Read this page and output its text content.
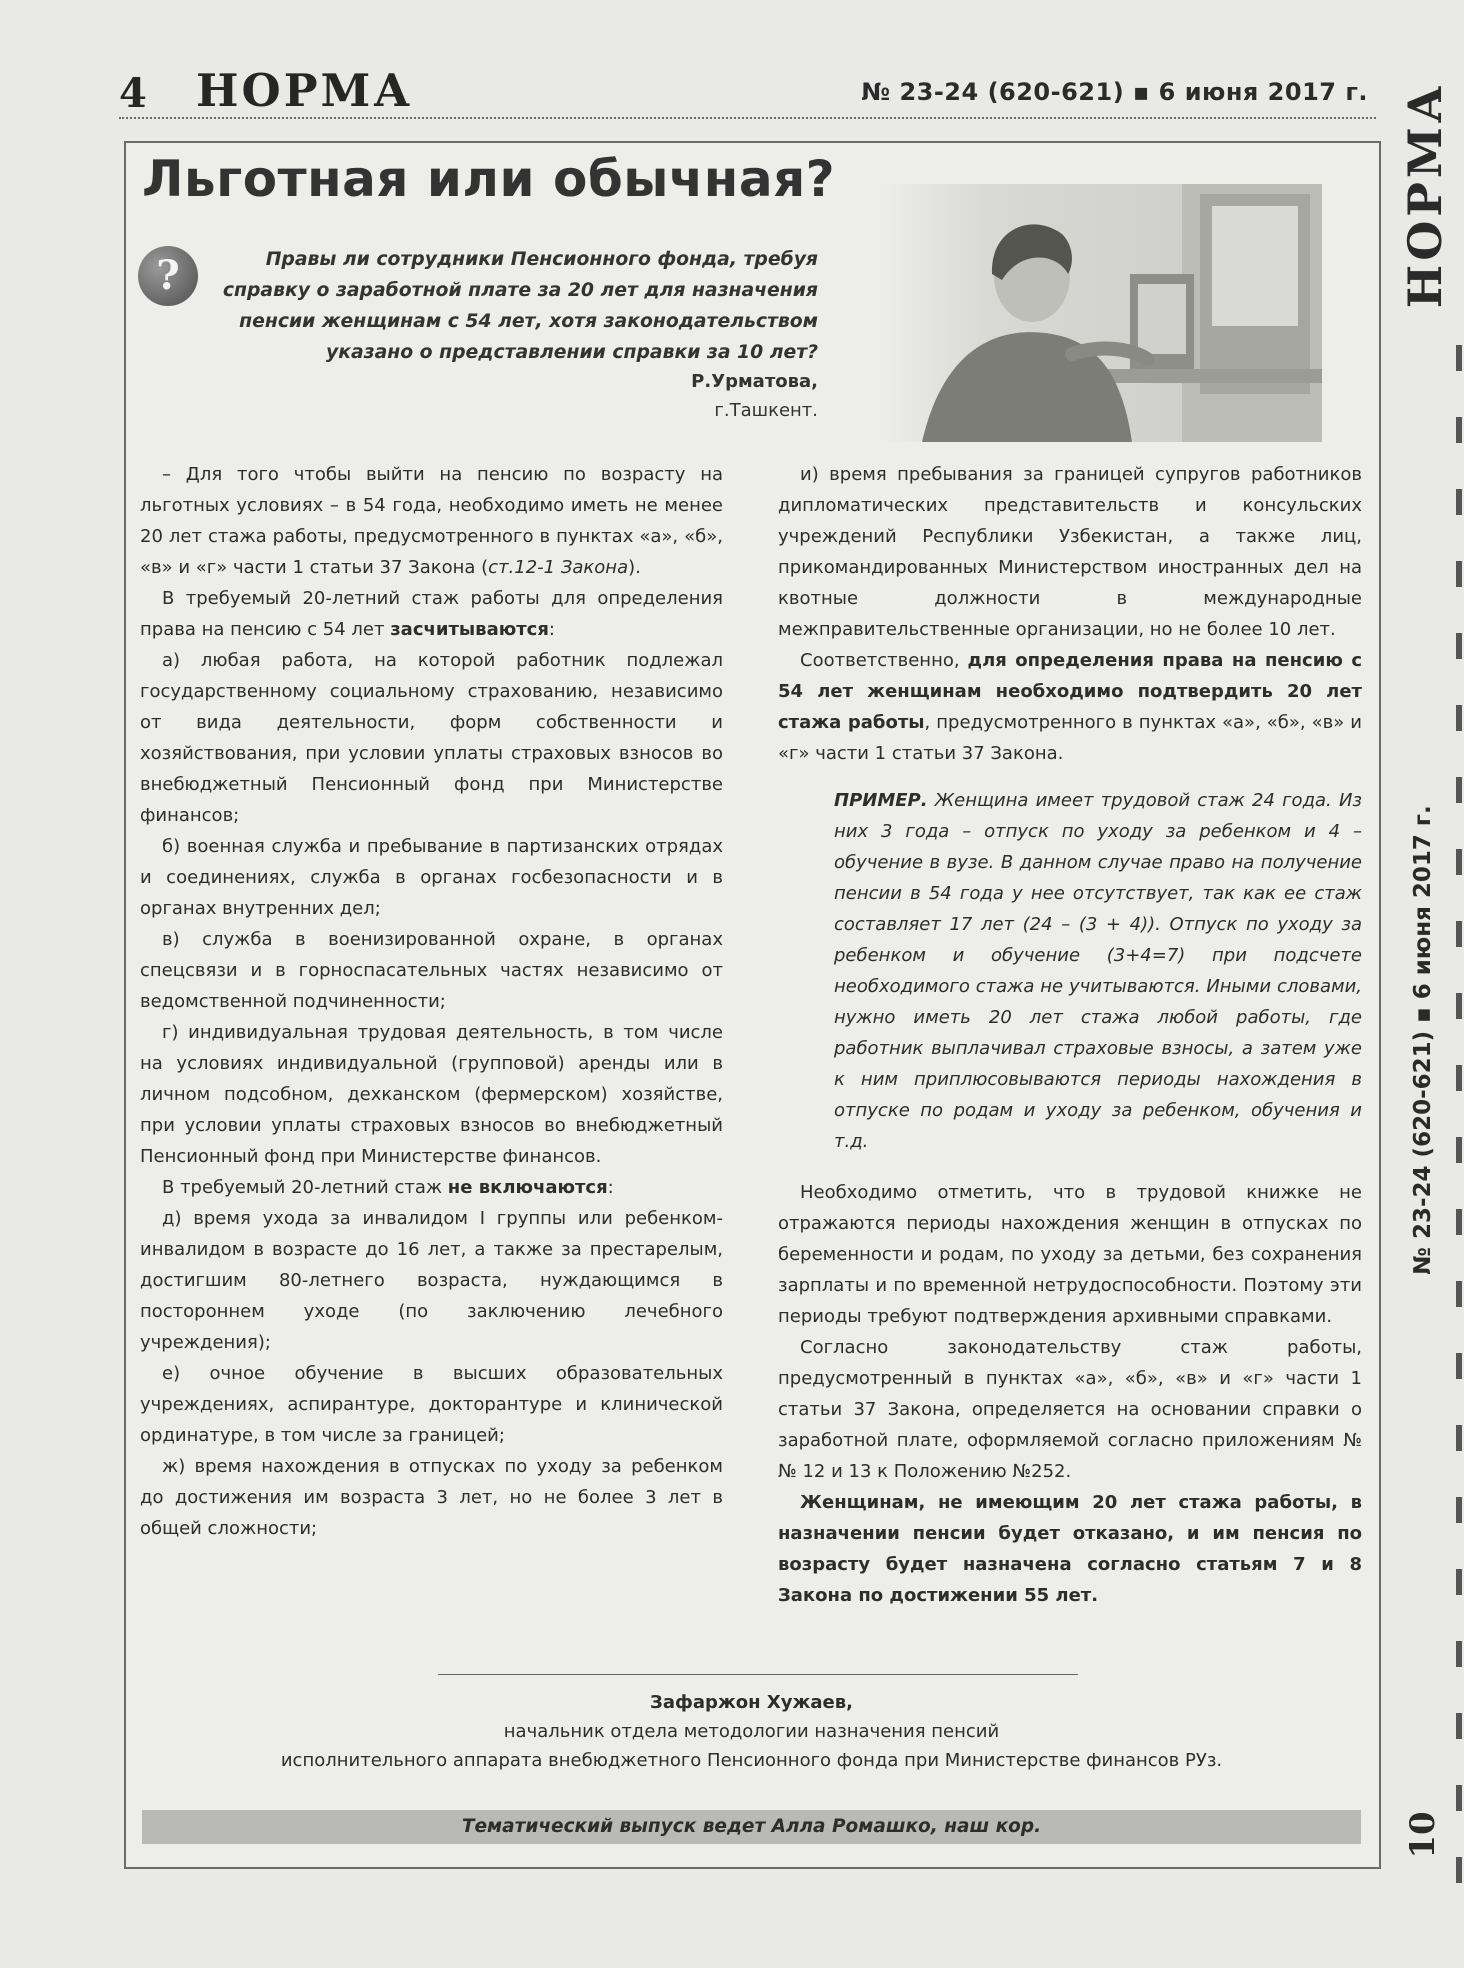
4 НОРМА	№ 23-24 (620-621) ▪ 6 июня 2017 г. НОРМА
№ 23-24 (620-621) ▪ 6 июня 2017 г.
10
Льготная или обычная?
?	Правы ли сотрудники Пенсионного фонда, требуя справку о заработной плате за 20 лет для назначения пенсии женщинам с 54 лет, хотя законодательством указано о представлении справки за 10 лет?
Р.Урматова,
г.Ташкент.

– Для того чтобы выйти на пенсию по возрасту на льготных условиях – в 54 года, необходимо иметь не менее 20 лет стажа работы, предусмотренного в пунктах «а», «б», «в» и «г» части 1 статьи 37 Закона (ст.12-1 Закона).

В требуемый 20-летний стаж работы для определения права на пенсию с 54 лет засчитываются:

а) любая работа, на которой работник подлежал государственному социальному страхованию, независимо от вида деятельности, форм собственности и хозяйствования, при условии уплаты страховых взносов во внебюджетный Пенсионный фонд при Министерстве финансов;

б) военная служба и пребывание в партизанских отрядах и соединениях, служба в органах госбезопасности и в органах внутренних дел;

в) служба в военизированной охране, в органах спецсвязи и в горноспасательных частях независимо от ведомственной подчиненности;

г) индивидуальная трудовая деятельность, в том числе на условиях индивидуальной (групповой) аренды или в личном подсобном, дехканском (фермерском) хозяйстве, при условии уплаты страховых взносов во внебюджетный Пенсионный фонд при Министерстве финансов.

В требуемый 20-летний стаж не включаются:

д) время ухода за инвалидом I группы или ребенком-инвалидом в возрасте до 16 лет, а также за престарелым, достигшим 80-летнего возраста, нуждающимся в постороннем уходе (по заключению лечебного учреждения);

е) очное обучение в высших образовательных учреждениях, аспирантуре, докторантуре и клинической ординатуре, в том числе за границей;

ж) время нахождения в отпусках по уходу за ребенком до достижения им возраста 3 лет, но не более 3 лет в общей сложности;

и) время пребывания за границей супругов работников дипломатических представительств и консульских учреждений Республики Узбекистан, а также лиц, прикомандированных Министерством иностранных дел на квотные должности в международные межправительственные организации, но не более 10 лет.

Соответственно, для определения права на пенсию с 54 лет женщинам необходимо подтвердить 20 лет стажа работы, предусмотренного в пунктах «а», «б», «в» и «г» части 1 статьи 37 Закона.

ПРИМЕР. Женщина имеет трудовой стаж 24 года. Из них 3 года – отпуск по уходу за ребенком и 4 – обучение в вузе. В данном случае право на получение пенсии в 54 года у нее отсутствует, так как ее стаж составляет 17 лет (24 – (3 + 4)). Отпуск по уходу за ребенком и обучение (3+4=7) при подсчете необходимого стажа не учитываются. Иными словами, нужно иметь 20 лет стажа любой работы, где работник выплачивал страховые взносы, а затем уже к ним приплюсовываются периоды нахождения в отпуске по родам и уходу за ребенком, обучения и т.д.

Необходимо отметить, что в трудовой книжке не отражаются периоды нахождения женщин в отпусках по беременности и родам, по уходу за детьми, без сохранения зарплаты и по временной нетрудоспособности. Поэтому эти периоды требуют подтверждения архивными справками.

Согласно законодательству стаж работы, предусмотренный в пунктах «а», «б», «в» и «г» части 1 статьи 37 Закона, определяется на основании справки о заработной плате, оформляемой согласно приложениям №№ 12 и 13 к Положению №252.

Женщинам, не имеющим 20 лет стажа работы, в назначении пенсии будет отказано, и им пенсия по возрасту будет назначена согласно статьям 7 и 8 Закона по достижении 55 лет.

Зафаржон Хужаев,
начальник отдела методологии назначения пенсий
исполнительного аппарата внебюджетного Пенсионного фонда при Министерстве финансов РУз.
Тематический выпуск ведет Алла Ромашко, наш кор.
